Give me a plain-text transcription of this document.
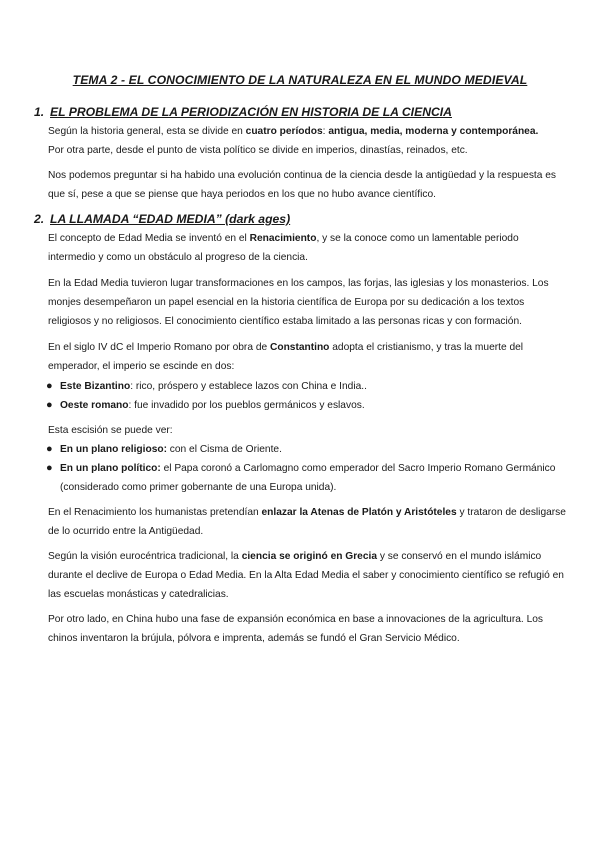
TEMA 2 - EL CONOCIMIENTO DE LA NATURALEZA EN EL MUNDO MEDIEVAL
1. EL PROBLEMA DE LA PERIODIZACIÓN EN HISTORIA DE LA CIENCIA
Según la historia general, esta se divide en cuatro períodos: antigua, media, moderna y contemporánea.
Por otra parte, desde el punto de vista político se divide en imperios, dinastías, reinados, etc.
Nos podemos preguntar si ha habido una evolución continua de la ciencia desde la antigüedad y la respuesta es que sí, pese a que se piense que haya periodos en los que no hubo avance científico.
2. LA LLAMADA “EDAD MEDIA” (dark ages)
El concepto de Edad Media se inventó en el Renacimiento, y se la conoce como un lamentable periodo intermedio y como un obstáculo al progreso de la ciencia.
En la Edad Media tuvieron lugar transformaciones en los campos, las forjas, las iglesias y los monasterios. Los monjes desempeñaron un papel esencial en la historia científica de Europa por su dedicación a los textos religiosos y no religiosos. El conocimiento científico estaba limitado a las personas ricas y con formación.
En el siglo IV dC el Imperio Romano por obra de Constantino adopta el cristianismo, y tras la muerte del emperador, el imperio se escinde en dos:
● Este Bizantino: rico, próspero y establece lazos con China e India..
● Oeste romano: fue invadido por los pueblos germánicos y eslavos.
Esta escisión se puede ver:
● En un plano religioso: con el Cisma de Oriente.
● En un plano político: el Papa coronó a Carlomagno como emperador del Sacro Imperio Romano Germánico
(considerado como primer gobernante de una Europa unida).
En el Renacimiento los humanistas pretendían enlazar la Atenas de Platón y Aristóteles y trataron de desligarse de lo ocurrido entre la Antigüedad.
Según la visión eurocéntrica tradicional, la ciencia se originó en Grecia y se conservó en el mundo islámico durante el declive de Europa o Edad Media. En la Alta Edad Media el saber y conocimiento científico se refugió en las escuelas monásticas y catedralicias.
Por otro lado, en China hubo una fase de expansión económica en base a innovaciones de la agricultura. Los chinos inventaron la brújula, pólvora e imprenta, además se fundó el Gran Servicio Médico.
